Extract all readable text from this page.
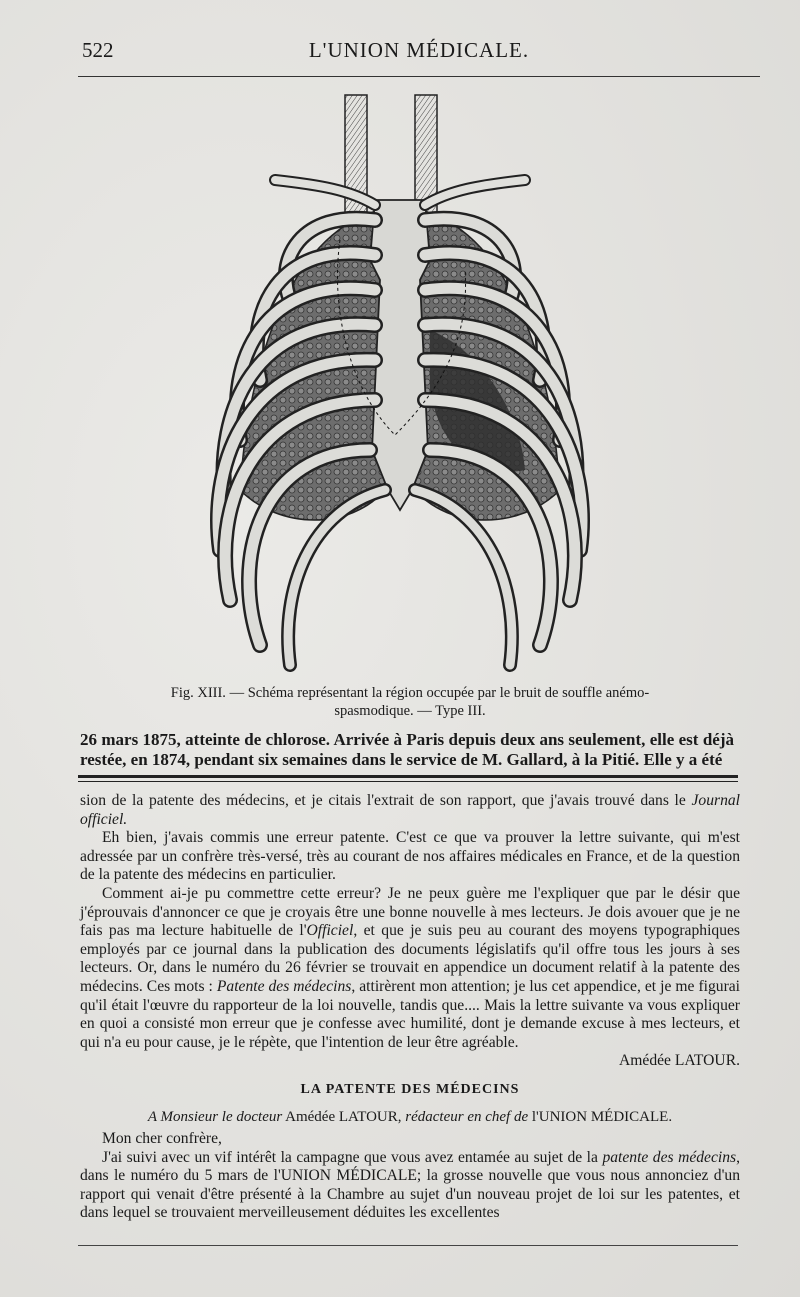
522	L'UNION MÉDICALE.
Fig. XIII. — Schéma représentant la région occupée par le bruit de souffle anémo-spasmodique. — Type III.
26 mars 1875, atteinte de chlorose. Arrivée à Paris depuis deux ans seulement, elle est déjà restée, en 1874, pendant six semaines dans le service de M. Gallard, à la Pitié. Elle y a été

sion de la patente des médecins, et je citais l'extrait de son rapport, que j'avais trouvé dans le Journal officiel.

Eh bien, j'avais commis une erreur patente. C'est ce que va prouver la lettre suivante, qui m'est adressée par un confrère très-versé, très au courant de nos affaires médicales en France, et de la question de la patente des médecins en particulier.

Comment ai-je pu commettre cette erreur? Je ne peux guère me l'expliquer que par le désir que j'éprouvais d'annoncer ce que je croyais être une bonne nouvelle à mes lecteurs. Je dois avouer que je ne fais pas ma lecture habituelle de l'Officiel, et que je suis peu au courant des moyens typographiques employés par ce journal dans la publication des documents législatifs qu'il offre tous les jours à ses lecteurs. Or, dans le numéro du 26 février se trouvait en appendice un document relatif à la patente des médecins. Ces mots : Patente des médecins, attirèrent mon attention; je lus cet appendice, et je me figurai qu'il était l'œuvre du rapporteur de la loi nouvelle, tandis que.... Mais la lettre suivante va vous expliquer en quoi a consisté mon erreur que je confesse avec humilité, dont je demande excuse à mes lecteurs, et qui n'a eu pour cause, je le répète, que l'intention de leur être agréable.

Amédée LATOUR.

LA PATENTE DES MÉDECINS
A Monsieur le docteur Amédée LATOUR, rédacteur en chef de l'UNION MÉDICALE.

Mon cher confrère,

J'ai suivi avec un vif intérêt la campagne que vous avez entamée au sujet de la patente des médecins, dans le numéro du 5 mars de l'UNION MÉDICALE; la grosse nouvelle que vous nous annonciez d'un rapport qui venait d'être présenté à la Chambre au sujet d'un nouveau projet de loi sur les patentes, et dans lequel se trouvaient merveilleusement déduites les excellentes
